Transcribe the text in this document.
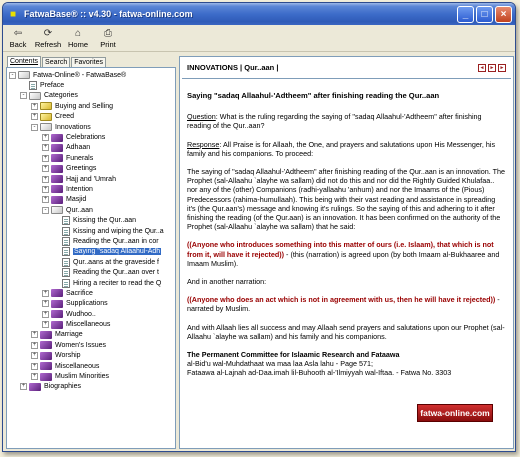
■ FatwaBase® :: v4.30 - fatwa-online.com	_	□	×
⇦
Back
⟳
Refresh
⌂
Home
⎙
Print
Contents	Search	Favorites
-	Fatwa-Online® - FatwaBase®
Preface
-	Categories
+	Buying and Selling
+	Creed
-	Innovations
+	Celebrations
+	Adhaan
+	Funerals
+	Greetings
+	Hajj and 'Umrah
+	Intention
+	Masjid
-	Qur..aan
Kissing the Qur..aan
Kissing and wiping the Qur..a
Reading the Qur..aan in cor
Saying "sadaq Allaahul-Adh
Qur..aans at the graveside f
Reading the Qur..aan over t
Hiring a reciter to read the Q
+	Sacrifice
+	Supplications
+	Wudhoo..
+	Miscellaneous
+	Marriage
+	Women's Issues
+	Worship
+	Miscellaneous
+	Muslim Minorities
+	Biographies
INNOVATIONS | Qur..aan |	◄	►	►
Saying "sadaq Allaahul-'Adtheem" after finishing reading the Qur..aan

Question: What is the ruling regarding the saying of "sadaq Allaahul-'Adtheem" after finishing reading of the Qur..aan?

Response: All Praise is for Allaah, the One, and prayers and salutations upon His Messenger, his family and his companions. To proceed:

The saying of "sadaq Allaahul-'Adtheem" after finishing reading of the Qur..aan is an innovation. The Prophet (sal-Allaahu `alayhe wa sallam) did not do this and nor did the Rightly Guided Khulafaa.. nor any of the (other) Companions (radhi-yallaahu 'anhum) and nor the Imaams of the (Pious) Predecessors (rahima-humullaah). This being with their vast reading and assistance in spreading it's (the Qur.aan's) message and knowing it's rulings. So the saying of this and adhering to it after finishing the reading (of the Qur.aan) is an innovation. It has been confirmed on the authority of the Prophet (sal-Allaahu `alayhe wa sallam) that he said:

((Anyone who introduces something into this matter of ours (i.e. Islaam), that which is not from it, will have it rejected)) - (this (narration) is agreed upon (by both Imaam al-Bukhaaree and Imaam Muslim).

And in another narration:

((Anyone who does an act which is not in agreement with us, then he will have it rejected)) - narrated by Muslim.

And with Allaah lies all success and may Allaah send prayers and salutations upon our Prophet (sal-Allaahu `alayhe wa sallam) and his family and his companions.

The Permanent Committee for Islaamic Research and Fataawa
al-Bid'u wal-Muhdathaat wa maa laa Asla lahu - Page 571;
Fataawa al-Lajnah ad-Daa.imah lil-Buhooth al-'Ilmiyyah wal-Iftaa. - Fatwa No. 3303
fatwa-online.com
